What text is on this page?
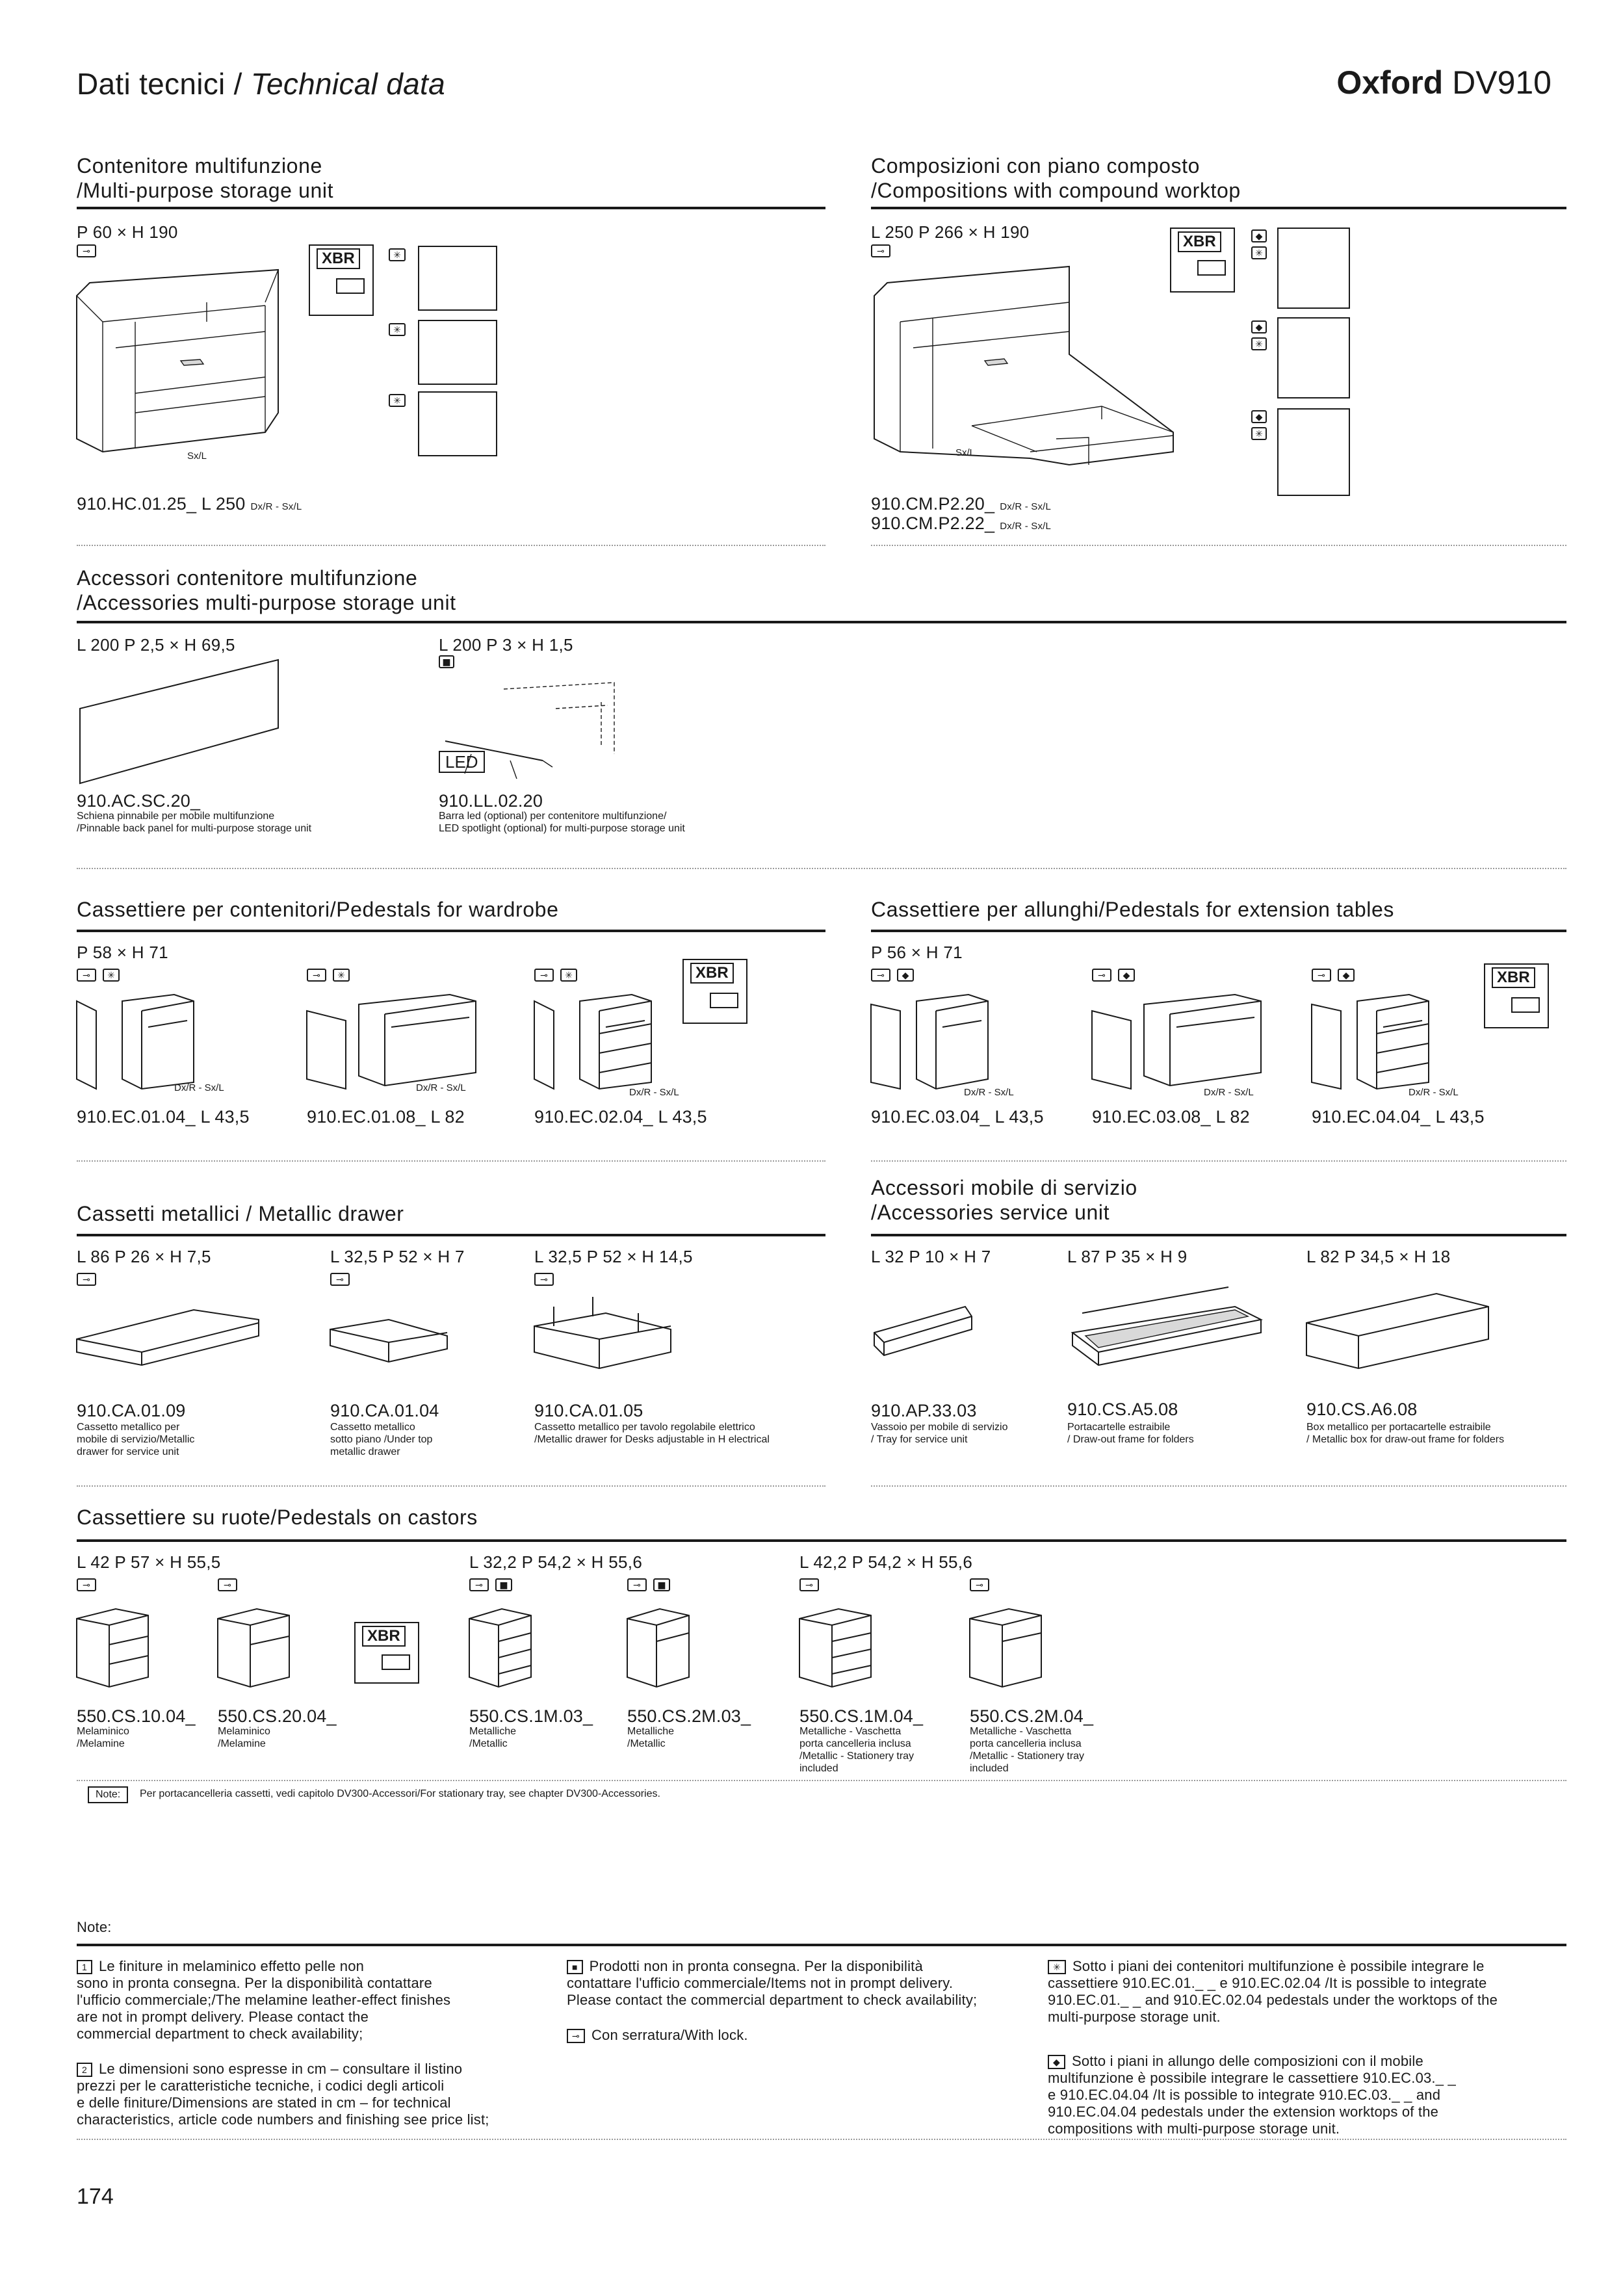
Dati tecnici / Technical data	Oxford DV910
Contenitore multifunzione
/Multi-purpose storage unit
P 60 × H 190
⊸
Sx/L
XBR	✳
✳
✳
910.HC.01.25_ L 250 Dx/R - Sx/L
Composizioni con piano composto
/Compositions with compound worktop
L 250 P 266 × H 190
⊸
Sx/L
XBR	◆
✳
◆
✳
◆
✳
910.CM.P2.20_ Dx/R - Sx/L
910.CM.P2.22_ Dx/R - Sx/L
Accessori contenitore multifunzione
/Accessories multi-purpose storage unit
L 200 P 2,5 × H 69,5
910.AC.SC.20_
Schiena pinnabile per mobile multifunzione
/Pinnable back panel for multi-purpose storage unit
L 200 P 3 × H 1,5
■
LED
910.LL.02.20
Barra led (optional) per contenitore multifunzione/
LED spotlight (optional) for multi-purpose storage unit
Cassettiere per contenitori/Pedestals for wardrobe
P 58 × H 71
⊸ ✳	⊸ ✳	⊸ ✳	XBR
Dx/R - Sx/L	Dx/R - Sx/L	Dx/R - Sx/L
910.EC.01.04_ L 43,5	910.EC.01.08_ L 82	910.EC.02.04_ L 43,5
Cassettiere per allunghi/Pedestals for extension tables
P 56 × H 71
⊸ ◆	⊸ ◆	⊸ ◆	XBR
Dx/R - Sx/L	Dx/R - Sx/L	Dx/R - Sx/L
910.EC.03.04_ L 43,5	910.EC.03.08_ L 82	910.EC.04.04_ L 43,5
Cassetti metallici / Metallic drawer
L 86 P 26 × H 7,5	L 32,5 P 52 × H 7	L 32,5 P 52 × H 14,5
⊸	⊸	⊸
910.CA.01.09	910.CA.01.04	910.CA.01.05
Cassetto metallico per
mobile di servizio/Metallic
drawer for service unit
Cassetto metallico
sotto piano /Under top
metallic drawer
Cassetto metallico per tavolo regolabile elettrico
/Metallic drawer for Desks adjustable in H electrical
Accessori mobile di servizio
/Accessories service unit
L 32 P 10 × H 7	L 87 P 35 × H 9	L 82 P 34,5 × H 18
910.AP.33.03	910.CS.A5.08	910.CS.A6.08
Vassoio per mobile di servizio
/ Tray for service unit
Portacartelle estraibile
/ Draw-out frame for folders
Box metallico per portacartelle estraibile
/ Metallic box for draw-out frame for folders
Cassettiere su ruote/Pedestals on castors
L 42 P 57 × H 55,5	L 32,2 P 54,2 × H 55,6	L 42,2 P 54,2 × H 55,6
⊸	⊸	⊸ ■	⊸ ■	⊸	⊸
XBR
550.CS.10.04_ 550.CS.20.04_	550.CS.1M.03_ 550.CS.2M.03_	550.CS.1M.04_	550.CS.2M.04_
Melaminico
/Melamine
Melaminico
/Melamine
Metalliche
/Metallic
Metalliche
/Metallic
Metalliche - Vaschetta
porta cancelleria inclusa
/Metallic - Stationery tray
included
Metalliche - Vaschetta
porta cancelleria inclusa
/Metallic - Stationery tray
included
Note:	Per portacancelleria cassetti, vedi capitolo DV300-Accessori/For stationary tray, see chapter DV300-Accessories.
Note:
1 Le finiture in melaminico effetto pelle non
sono in pronta consegna. Per la disponibilità contattare
l'ufficio commerciale;/The melamine leather-effect finishes
are not in prompt delivery. Please contact the
commercial department to check availability;
2 Le dimensioni sono espresse in cm – consultare il listino
prezzi per le caratteristiche tecniche, i codici degli articoli
e delle finiture/Dimensions are stated in cm – for technical
characteristics, article code numbers and finishing see price list;
■ Prodotti non in pronta consegna. Per la disponibilità
contattare l'ufficio commerciale/Items not in prompt delivery.
Please contact the commercial department to check availability;
⊸ Con serratura/With lock.
✳ Sotto i piani dei contenitori multifunzione è possibile integrare le
cassettiere 910.EC.01._ _ e 910.EC.02.04 /It is possible to integrate
910.EC.01._ _ and 910.EC.02.04 pedestals under the worktops of the
multi-purpose storage unit.
◆ Sotto i piani in allungo delle composizioni con il mobile
multifunzione è possibile integrare le cassettiere 910.EC.03._ _
e 910.EC.04.04 /It is possible to integrate 910.EC.03._ _ and
910.EC.04.04 pedestals under the extension worktops of the
compositions with multi-purpose storage unit.
174
